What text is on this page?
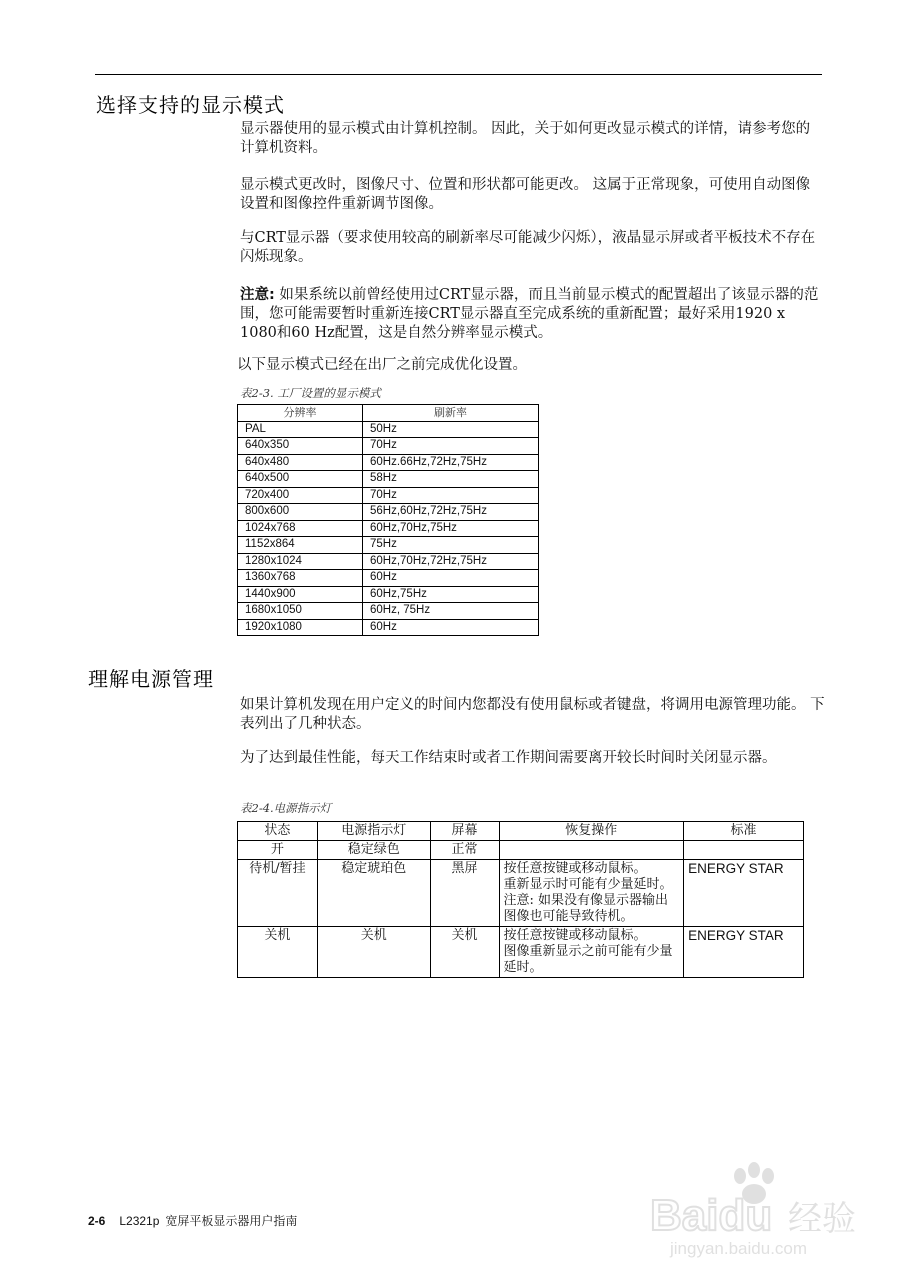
选择支持的显示模式

显示器使用的显示模式由计算机控制。 因此，关于如何更改显示模式的详情，请参考您的计算机资料。

显示模式更改时，图像尺寸、位置和形状都可能更改。 这属于正常现象，可使用自动图像设置和图像控件重新调节图像。

与CRT显示器（要求使用较高的刷新率尽可能减少闪烁），液晶显示屏或者平板技术不存在闪烁现象。

注意: 如果系统以前曾经使用过CRT显示器，而且当前显示模式的配置超出了该显示器的范围，您可能需要暂时重新连接CRT显示器直至完成系统的重新配置；最好采用1920 x 1080和60 Hz配置，这是自然分辨率显示模式。

以下显示模式已经在出厂之前完成优化设置。

表2-3. 工厂设置的显示模式
分辨率	刷新率
PAL	50Hz
640x350	70Hz
640x480	60Hz.66Hz,72Hz,75Hz
640x500	58Hz
720x400	70Hz
800x600	56Hz,60Hz,72Hz,75Hz
1024x768	60Hz,70Hz,75Hz
1152x864	75Hz
1280x1024	60Hz,70Hz,72Hz,75Hz
1360x768	60Hz
1440x900	60Hz,75Hz
1680x1050	60Hz, 75Hz
1920x1080	60Hz
理解电源管理

如果计算机发现在用户定义的时间内您都没有使用鼠标或者键盘，将调用电源管理功能。 下表列出了几种状态。

为了达到最佳性能，每天工作结束时或者工作期间需要离开较长时间时关闭显示器。

表2-4.电源指示灯
状态	电源指示灯	屏幕	恢复操作	标准
开	稳定绿色	正常		
待机/暂挂	稳定琥珀色	黑屏	按任意按键或移动鼠标。
重新显示时可能有少量延时。
注意: 如果没有像显示器输出图像也可能导致待机。	ENERGY STAR
关机	关机	关机	按任意按键或移动鼠标。
图像重新显示之前可能有少量延时。	ENERGY STAR
2-6 L2321p 宽屏平板显示器用户指南	Baidu 经验
jingyan.baidu.com
